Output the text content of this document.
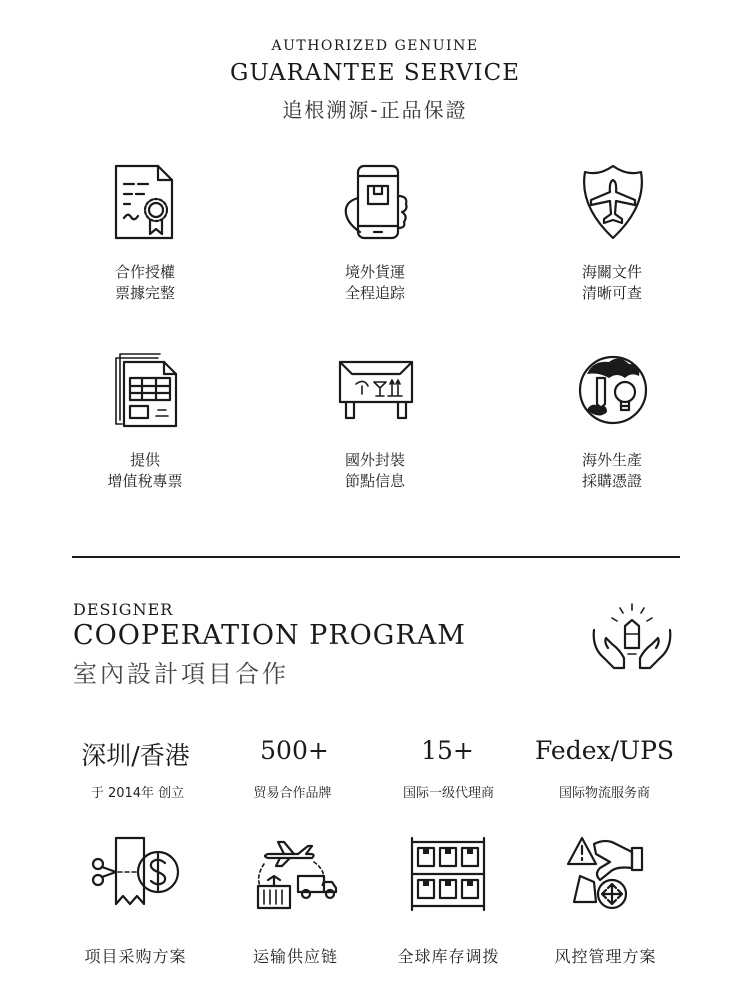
AUTHORIZED GENUINE
GUARANTEE SERVICE
追根溯源-正品保證
合作授權
票據完整
境外貨運
全程追踪
海關文件
清晰可查
提供
增值稅專票
國外封裝
節點信息
海外生產
採購憑證
DESIGNER
COOPERATION PROGRAM
室內設計項目合作
深圳/香港	500+	15+	Fedex/UPS
于 2014年 创立	贸易合作品牌	国际一级代理商	国际物流服务商
项目采购方案	运输供应链	全球库存调拨	风控管理方案
